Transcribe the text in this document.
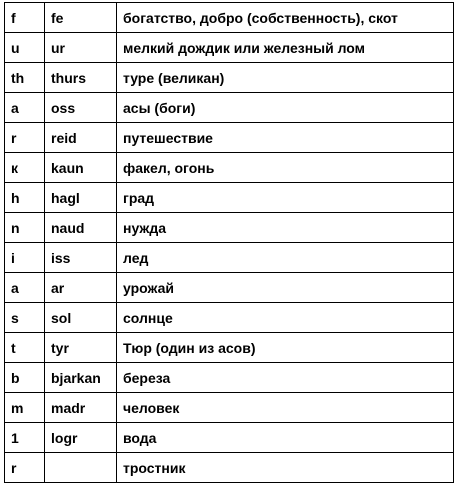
f	fe	богатство, добро (собственность), скот
u	ur	мелкий дождик или железный лом
th	thurs	туре (великан)
a	oss	асы (боги)
r	reid	путешествие
к	kaun	факел, огонь
h	hagl	град
n	naud	нужда
i	iss	лед
a	ar	урожай
s	sol	солнце
t	tyr	Тюр (один из асов)
b	bjarkan	береза
m	madr	человек
1	logr	вода
r		тростник
